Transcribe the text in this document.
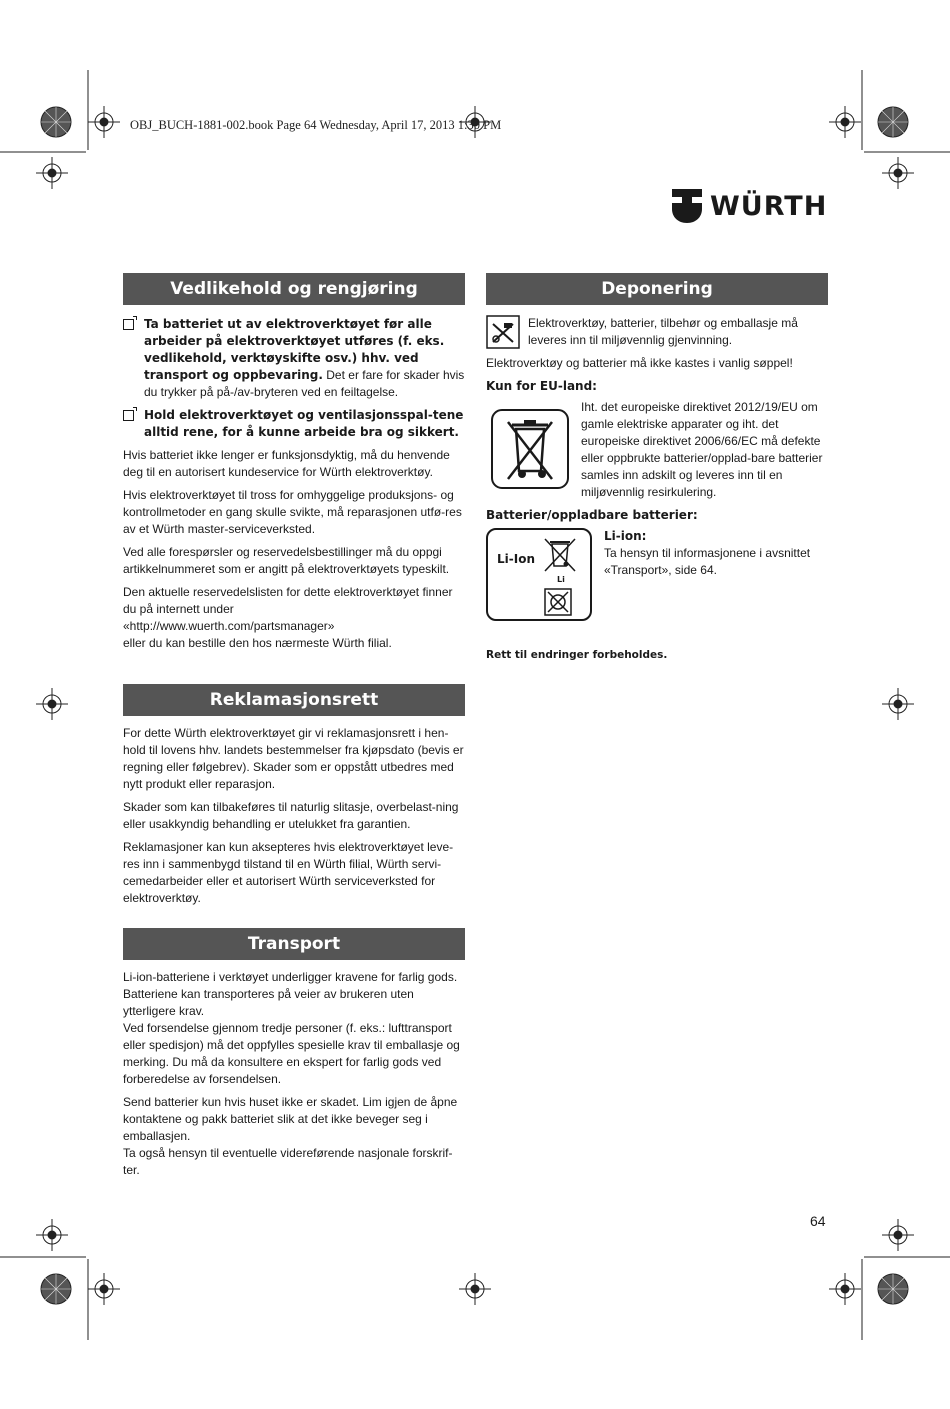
OBJ_BUCH-1881-002.book Page 64 Wednesday, April 17, 2013 1:30 PM
WÜRTH
Vedlikehold og rengjøring
Ta batteriet ut av elektroverktøyet før alle arbeider på elektroverktøyet utføres (f. eks. vedlikehold, verktøyskifte osv.) hhv. ved transport og oppbevaring. Det er fare for skader hvis du trykker på på-/av-bryteren ved en feiltagelse.
Hold elektroverktøyet og ventilasjonsspal-tene alltid rene, for å kunne arbeide bra og sikkert.

Hvis batteriet ikke lenger er funksjonsdyktig, må du henvende deg til en autorisert kundeservice for Würth elektroverktøy.

Hvis elektroverktøyet til tross for omhyggelige produksjons- og kontrollmetoder en gang skulle svikte, må reparasjonen utfø-res av et Würth master-serviceverksted.

Ved alle forespørsler og reservedelsbestillinger må du oppgi artikkelnummeret som er angitt på elektroverktøyets typeskilt.

Den aktuelle reservedelslisten for dette elektroverktøyet finner du på internett under
«http://www.wuerth.com/partsmanager»
eller du kan bestille den hos nærmeste Würth filial.

Reklamasjonsrett

For dette Würth elektroverktøyet gir vi reklamasjonsrett i hen-hold til lovens hhv. landets bestemmelser fra kjøpsdato (bevis er regning eller følgebrev). Skader som er oppstått utbedres med nytt produkt eller reparasjon.

Skader som kan tilbakeføres til naturlig slitasje, overbelast-ning eller usakkyndig behandling er utelukket fra garantien.

Reklamasjoner kan kun aksepteres hvis elektroverktøyet leve-res inn i sammenbygd tilstand til en Würth filial, Würth servi-cemedarbeider eller et autorisert Würth serviceverksted for elektroverktøy.

Transport

Li-ion-batteriene i verktøyet underligger kravene for farlig gods. Batteriene kan transporteres på veier av brukeren uten ytterligere krav.
Ved forsendelse gjennom tredje personer (f. eks.: lufttransport eller spedisjon) må det oppfylles spesielle krav til emballasje og merking. Du må da konsultere en ekspert for farlig gods ved forberedelse av forsendelsen.

Send batterier kun hvis huset ikke er skadet. Lim igjen de åpne kontaktene og pakk batteriet slik at det ikke beveger seg i emballasjen.
Ta også hensyn til eventuelle videreførende nasjonale forskrif-ter.

Deponering

Elektroverktøy, batterier, tilbehør og emballasje må leveres inn til miljøvennlig gjenvinning.

Elektroverktøy og batterier må ikke kastes i vanlig søppel!

Kun for EU-land:

Iht. det europeiske direktivet 2012/19/EU om gamle elektriske apparater og iht. det europeiske direktivet 2006/66/EC må defekte eller oppbrukte batterier/opplad-bare batterier samles inn adskilt og leveres inn til en miljøvennlig resirkulering.

Batterier/oppladbare batterier:

Li-Ion
Li

Li-ion:

Ta hensyn til informasjonene i avsnittet «Transport», side 64.

Rett til endringer forbeholdes.

64
